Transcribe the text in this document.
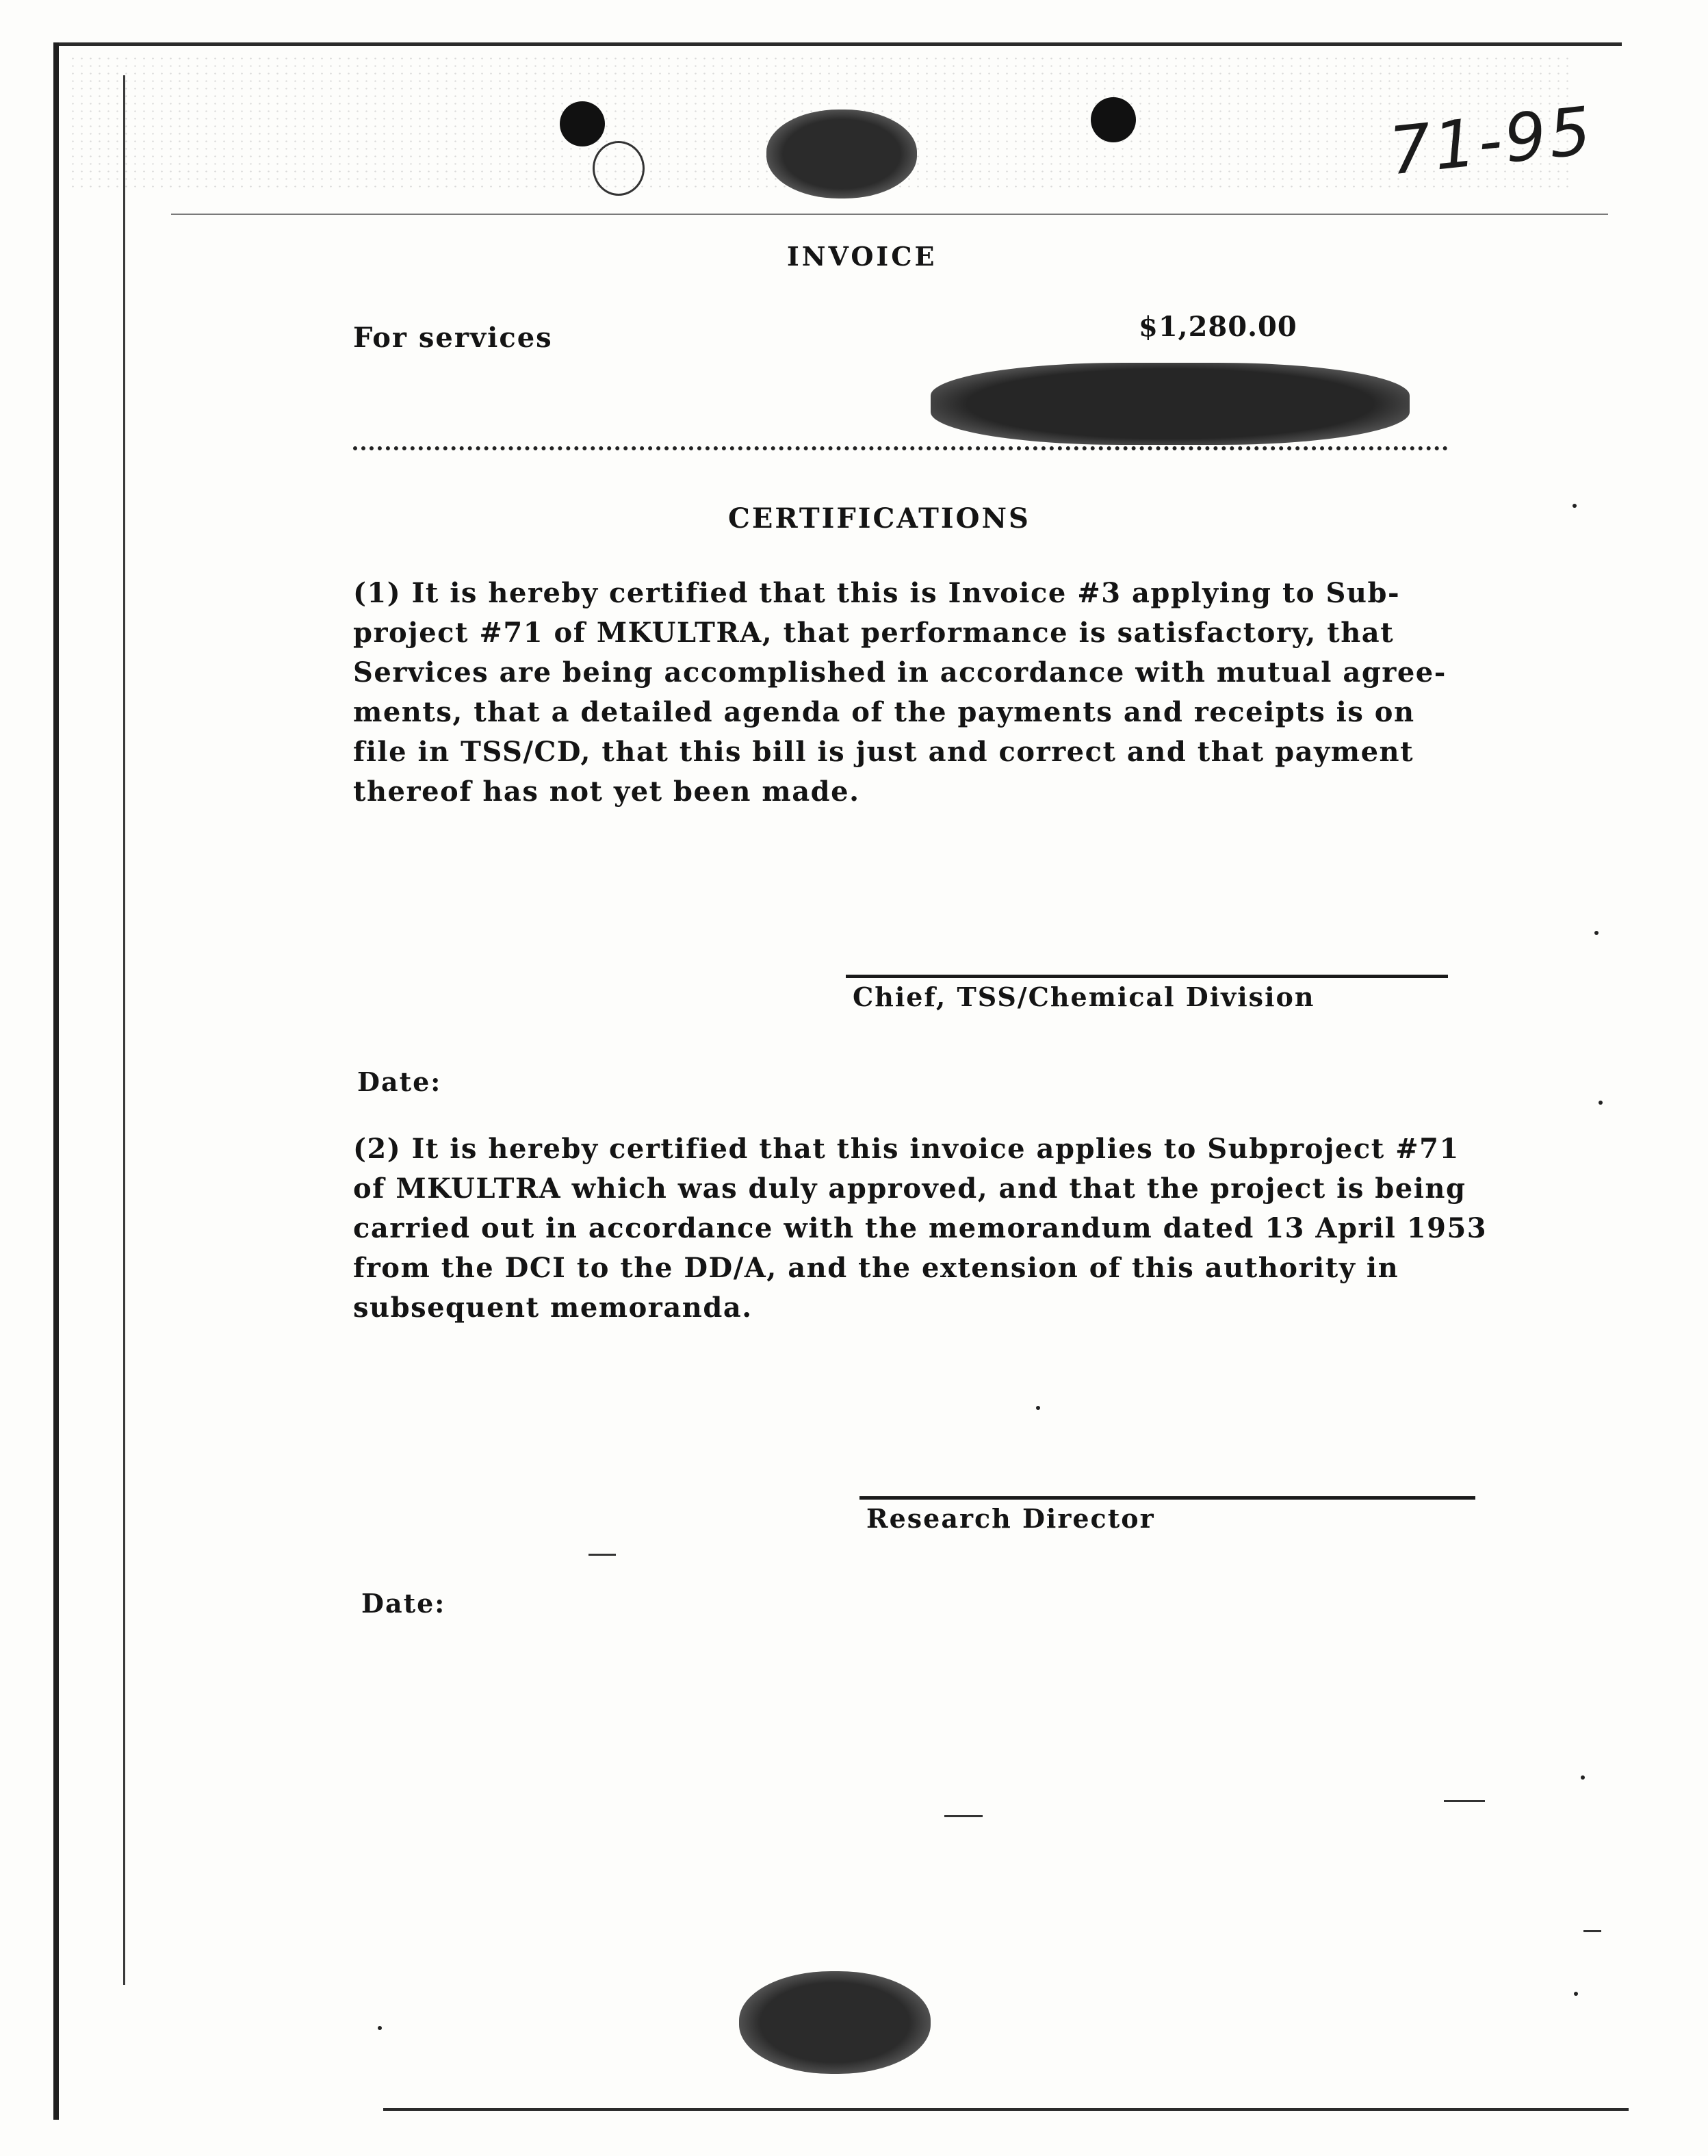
71-95
INVOICE
For services	$1,280.00
CERTIFICATIONS

(1) It is hereby certified that this is Invoice #3 applying to Sub-

project #71 of MKULTRA, that performance is satisfactory, that

Services are being accomplished in accordance with mutual agree-

ments, that a detailed agenda of the payments and receipts is on

file in TSS/CD, that this bill is just and correct and that payment

thereof has not yet been made.

Chief, TSS/Chemical Division
Date:

(2) It is hereby certified that this invoice applies to Subproject #71

of MKULTRA which was duly approved, and that the project is being

carried out in accordance with the memorandum dated 13 April 1953

from the DCI to the DD/A, and the extension of this authority in

subsequent memoranda.

Research Director
Date:
